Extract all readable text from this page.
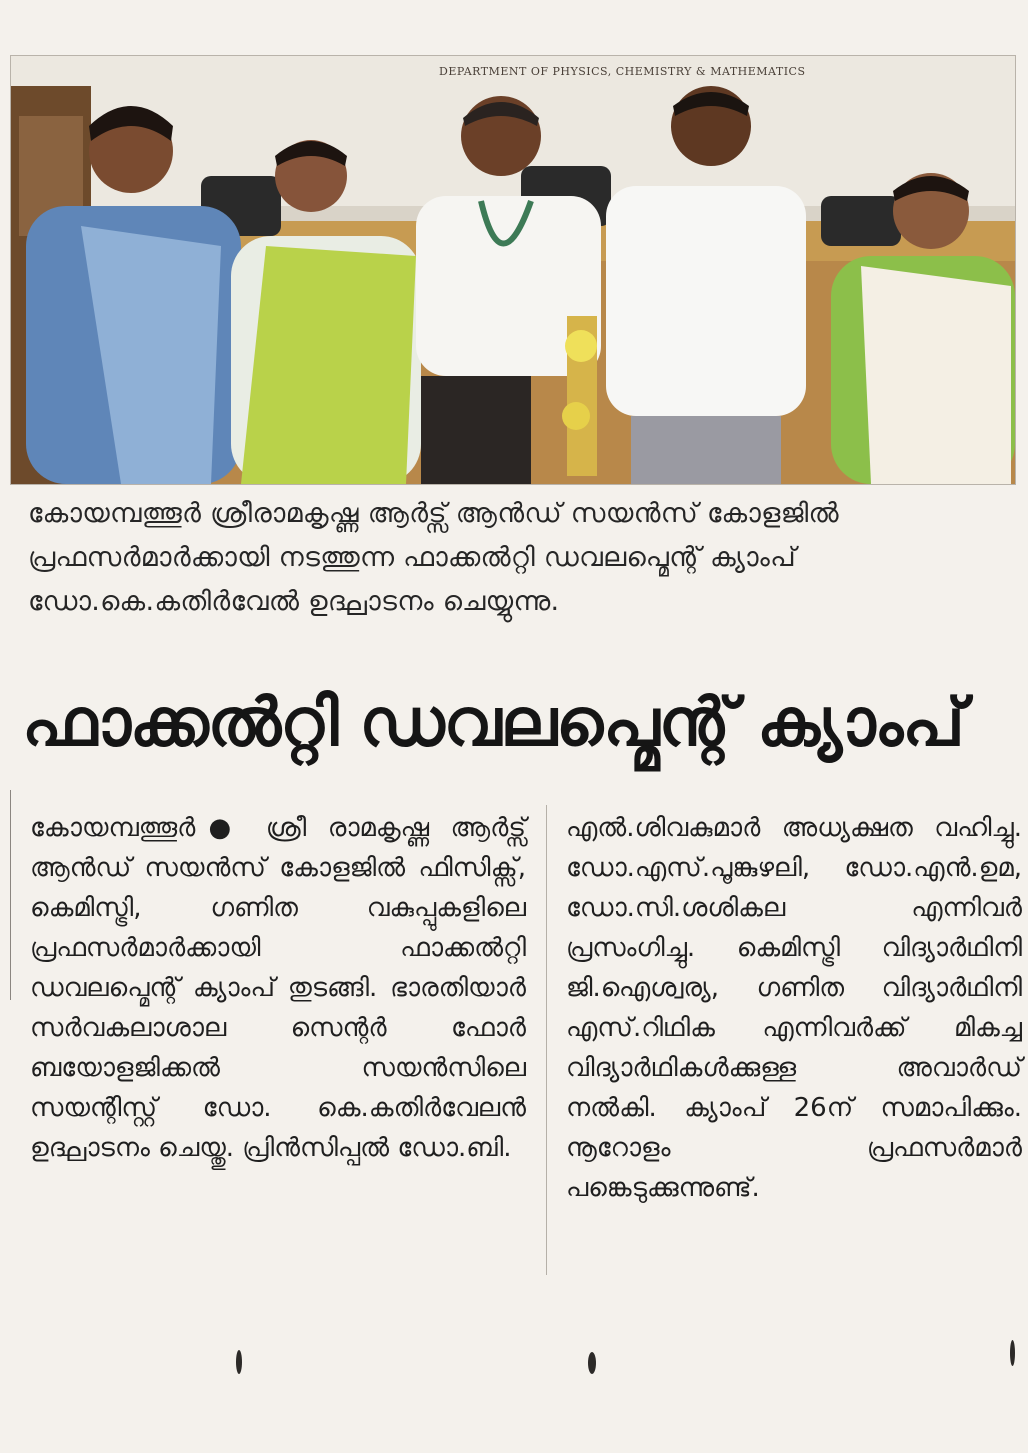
DEPARTMENT OF PHYSICS, CHEMISTRY & MATHEMATICS
കോയമ്പത്തൂർ ശ്രീരാമകൃഷ്ണ ആർട്സ് ആൻഡ് സയൻസ് കോളജിൽ പ്രഫസർമാർക്കായി നടത്തുന്ന ഫാക്കൽറ്റി ഡവലപ്മെന്റ് ക്യാംപ് ഡോ.കെ.കതിർവേൽ ഉദ്ഘാടനം ചെയ്യുന്നു.
ഫാക്കൽറ്റി ഡവലപ്മെന്റ് ക്യാംപ്
കോയമ്പത്തൂർ● ശ്രീ രാമകൃഷ്ണ ആർട്സ് ആൻഡ് സയൻസ് കോളജിൽ ഫിസിക്സ്, കെമിസ്ട്രി, ഗണിത വകുപ്പുകളിലെ പ്രഫസർമാർക്കായി ഫാക്കൽറ്റി ഡവലപ്മെന്റ് ക്യാംപ് തുടങ്ങി. ഭാരതിയാർ സർവകലാശാല സെന്റർ ഫോർ ബയോളജിക്കൽ സയൻസിലെ സയന്റിസ്റ്റ് ഡോ. കെ.കതിർവേലൻ ഉദ്ഘാടനം ചെയ്തു. പ്രിൻസിപ്പൽ ഡോ.ബി.
എൽ.ശിവകുമാർ അധ്യക്ഷത വഹിച്ചു. ഡോ.എസ്.പൂങ്കുഴലി, ഡോ.എൻ.ഉമ, ഡോ.സി.ശശികല എന്നിവർ പ്രസംഗിച്ചു. കെമിസ്ട്രി വിദ്യാർഥിനി ജി.ഐശ്വര്യ, ഗണിത വിദ്യാർഥിനി എസ്.റിഥിക എന്നിവർക്ക് മികച്ച വിദ്യാർഥികൾക്കുള്ള അവാർഡ് നൽകി. ക്യാംപ് 26ന് സമാപിക്കും. നൂറോളം പ്രഫസർമാർ പങ്കെടുക്കുന്നുണ്ട്.
